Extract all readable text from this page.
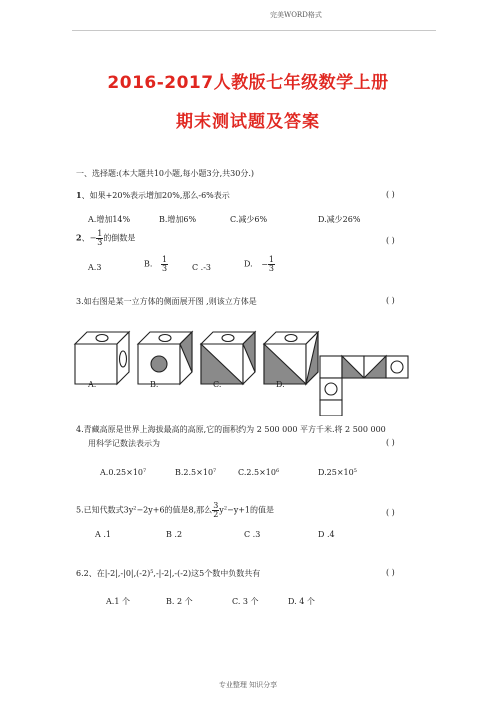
完美WORD格式
2016-2017人教版七年级数学上册
期末测试题及答案
一、选择题:(本大题共10小题,每小题3分,共30分.)
1、如果+20%表示增加20%,那么-6%表示	( )
A.增加14%	B.增加6%	C.减少6%	D.减少26%
2、− $\frac{1}{3}$ 的倒数是	( )
A.3	B. $\frac{1}{3}$	C .-3	D. − $\frac{1}{3}$
3.如右图是某一立方体的侧面展开图 ,则该立方体是	( )
A.	B.	C.	D.
4.青藏高原是世界上海拔最高的高原,它的面积约为 2 500 000 平方千米.将 2 500 000
用科学记数法表示为	( )
$A.0.25\times 10^7$	$B.2.5\times 10^7$	$C.2.5\times 10^6$	$D.25\times 10^5$
5.已知代数式$3y^2-2y+6$的值是8,那么 $\frac{3}{2} y^2-y+1$的值是	( )
A .1	B .2	C .3	D .4
6.2、在$|-2|,-|0|,(-2)^5,-|-2|,-(-2)$这5个数中负数共有	( )
A.1 个	B. 2 个	C. 3 个	D. 4 个
专业整理 知识分享
